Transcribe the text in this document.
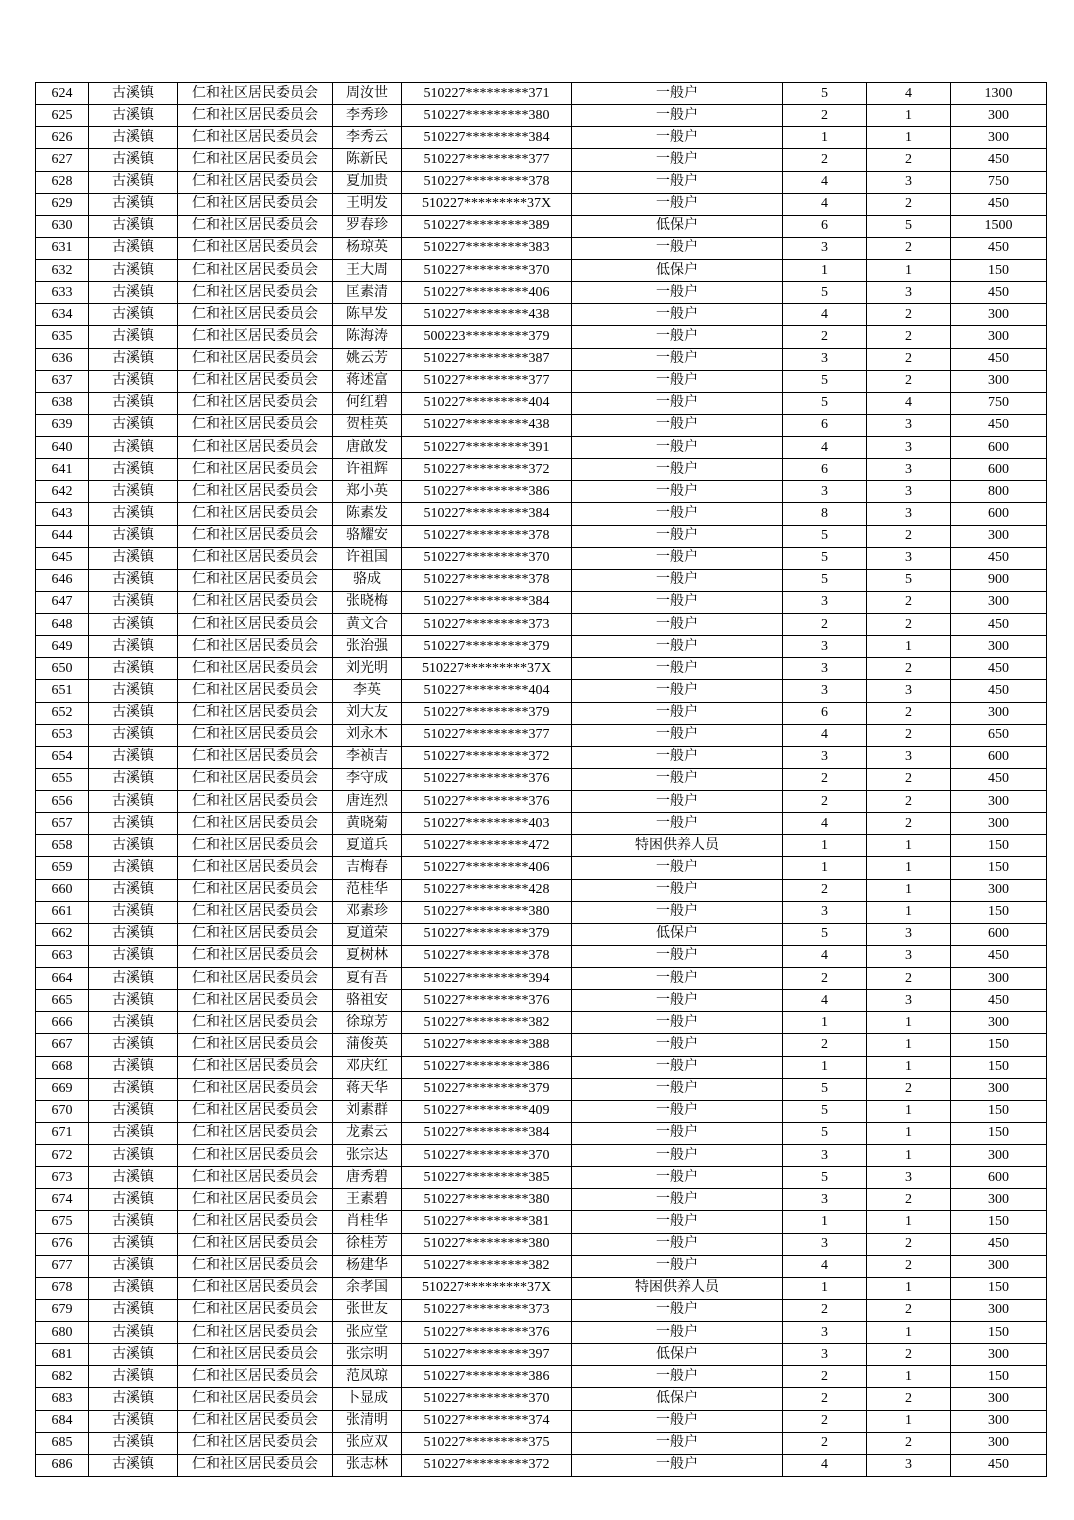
624	古溪镇	仁和社区居民委员会	周汝世	510227*********371	一般户	5	4	1300
625	古溪镇	仁和社区居民委员会	李秀珍	510227*********380	一般户	2	1	300
626	古溪镇	仁和社区居民委员会	李秀云	510227*********384	一般户	1	1	300
627	古溪镇	仁和社区居民委员会	陈新民	510227*********377	一般户	2	2	450
628	古溪镇	仁和社区居民委员会	夏加贵	510227*********378	一般户	4	3	750
629	古溪镇	仁和社区居民委员会	王明发	510227*********37X	一般户	4	2	450
630	古溪镇	仁和社区居民委员会	罗春珍	510227*********389	低保户	6	5	1500
631	古溪镇	仁和社区居民委员会	杨琼英	510227*********383	一般户	3	2	450
632	古溪镇	仁和社区居民委员会	王大周	510227*********370	低保户	1	1	150
633	古溪镇	仁和社区居民委员会	匡素清	510227*********406	一般户	5	3	450
634	古溪镇	仁和社区居民委员会	陈早发	510227*********438	一般户	4	2	300
635	古溪镇	仁和社区居民委员会	陈海涛	500223*********379	一般户	2	2	300
636	古溪镇	仁和社区居民委员会	姚云芳	510227*********387	一般户	3	2	450
637	古溪镇	仁和社区居民委员会	蒋述富	510227*********377	一般户	5	2	300
638	古溪镇	仁和社区居民委员会	何红碧	510227*********404	一般户	5	4	750
639	古溪镇	仁和社区居民委员会	贺桂英	510227*********438	一般户	6	3	450
640	古溪镇	仁和社区居民委员会	唐啟发	510227*********391	一般户	4	3	600
641	古溪镇	仁和社区居民委员会	许祖辉	510227*********372	一般户	6	3	600
642	古溪镇	仁和社区居民委员会	郑小英	510227*********386	一般户	3	3	800
643	古溪镇	仁和社区居民委员会	陈素发	510227*********384	一般户	8	3	600
644	古溪镇	仁和社区居民委员会	骆耀安	510227*********378	一般户	5	2	300
645	古溪镇	仁和社区居民委员会	许祖国	510227*********370	一般户	5	3	450
646	古溪镇	仁和社区居民委员会	骆成	510227*********378	一般户	5	5	900
647	古溪镇	仁和社区居民委员会	张晓梅	510227*********384	一般户	3	2	300
648	古溪镇	仁和社区居民委员会	黄文合	510227*********373	一般户	2	2	450
649	古溪镇	仁和社区居民委员会	张治强	510227*********379	一般户	3	1	300
650	古溪镇	仁和社区居民委员会	刘光明	510227*********37X	一般户	3	2	450
651	古溪镇	仁和社区居民委员会	李英	510227*********404	一般户	3	3	450
652	古溪镇	仁和社区居民委员会	刘大友	510227*********379	一般户	6	2	300
653	古溪镇	仁和社区居民委员会	刘永木	510227*********377	一般户	4	2	650
654	古溪镇	仁和社区居民委员会	李祯吉	510227*********372	一般户	3	3	600
655	古溪镇	仁和社区居民委员会	李守成	510227*********376	一般户	2	2	450
656	古溪镇	仁和社区居民委员会	唐连烈	510227*********376	一般户	2	2	300
657	古溪镇	仁和社区居民委员会	黄晓菊	510227*********403	一般户	4	2	300
658	古溪镇	仁和社区居民委员会	夏道兵	510227*********472	特困供养人员	1	1	150
659	古溪镇	仁和社区居民委员会	吉梅春	510227*********406	一般户	1	1	150
660	古溪镇	仁和社区居民委员会	范桂华	510227*********428	一般户	2	1	300
661	古溪镇	仁和社区居民委员会	邓素珍	510227*********380	一般户	3	1	150
662	古溪镇	仁和社区居民委员会	夏道荣	510227*********379	低保户	5	3	600
663	古溪镇	仁和社区居民委员会	夏树林	510227*********378	一般户	4	3	450
664	古溪镇	仁和社区居民委员会	夏有吾	510227*********394	一般户	2	2	300
665	古溪镇	仁和社区居民委员会	骆祖安	510227*********376	一般户	4	3	450
666	古溪镇	仁和社区居民委员会	徐琼芳	510227*********382	一般户	1	1	300
667	古溪镇	仁和社区居民委员会	蒲俊英	510227*********388	一般户	2	1	150
668	古溪镇	仁和社区居民委员会	邓庆红	510227*********386	一般户	1	1	150
669	古溪镇	仁和社区居民委员会	蒋天华	510227*********379	一般户	5	2	300
670	古溪镇	仁和社区居民委员会	刘素群	510227*********409	一般户	5	1	150
671	古溪镇	仁和社区居民委员会	龙素云	510227*********384	一般户	5	1	150
672	古溪镇	仁和社区居民委员会	张宗达	510227*********370	一般户	3	1	300
673	古溪镇	仁和社区居民委员会	唐秀碧	510227*********385	一般户	5	3	600
674	古溪镇	仁和社区居民委员会	王素碧	510227*********380	一般户	3	2	300
675	古溪镇	仁和社区居民委员会	肖桂华	510227*********381	一般户	1	1	150
676	古溪镇	仁和社区居民委员会	徐桂芳	510227*********380	一般户	3	2	450
677	古溪镇	仁和社区居民委员会	杨建华	510227*********382	一般户	4	2	300
678	古溪镇	仁和社区居民委员会	余孝国	510227*********37X	特困供养人员	1	1	150
679	古溪镇	仁和社区居民委员会	张世友	510227*********373	一般户	2	2	300
680	古溪镇	仁和社区居民委员会	张应堂	510227*********376	一般户	3	1	150
681	古溪镇	仁和社区居民委员会	张宗明	510227*********397	低保户	3	2	300
682	古溪镇	仁和社区居民委员会	范凤琼	510227*********386	一般户	2	1	150
683	古溪镇	仁和社区居民委员会	卜显成	510227*********370	低保户	2	2	300
684	古溪镇	仁和社区居民委员会	张清明	510227*********374	一般户	2	1	300
685	古溪镇	仁和社区居民委员会	张应双	510227*********375	一般户	2	2	300
686	古溪镇	仁和社区居民委员会	张志林	510227*********372	一般户	4	3	450
